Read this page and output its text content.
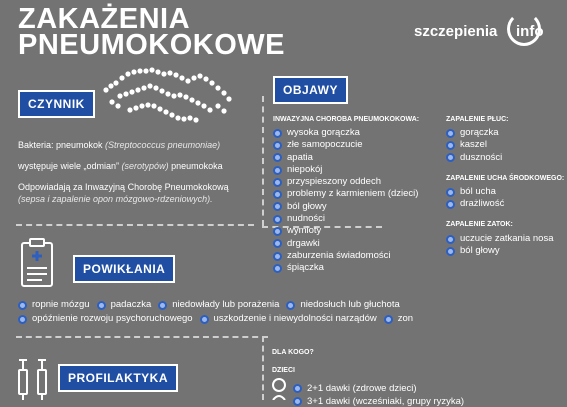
ZAKAŻENIA
PNEUMOKOKOWE	szczepienia info
CZYNNIK
Bakteria: pneumokok (Streptococcus pneumoniae)
występuje wiele „odmian” (serotypów) pneumokoka
Odpowiadają za Inwazyjną Chorobę Pneumokokową
(sepsa i zapalenie opon mózgowo-rdzeniowych).
OBJAWY
INWAZYJNA CHOROBA PNEUMOKOKOWA:
wysoka gorączka
złe samopoczucie
apatia
niepokój
przyspieszony oddech
problemy z karmieniem (dzieci)
ból głowy
nudności
wymioty
drgawki
zaburzenia świadomości
śpiączka
ZAPALENIE PŁUC:
gorączka
kaszel
duszności
ZAPALENIE UCHA ŚRODKOWEGO:
ból ucha
drażliwość
ZAPALENIE ZATOK:
uczucie zatkania nosa
ból głowy
POWIKŁANIA
ropnie mózgu padaczka niedowłady lub porażenia niedosłuch lub głuchota
opóźnienie rozwoju psychoruchowego uszkodzenie i niewydolności narządów zon
PROFILAKTYKA
DLA KOGO?
DZIECI
2+1 dawki (zdrowe dzieci)
3+1 dawki (wcześniaki, grupy ryzyka)
